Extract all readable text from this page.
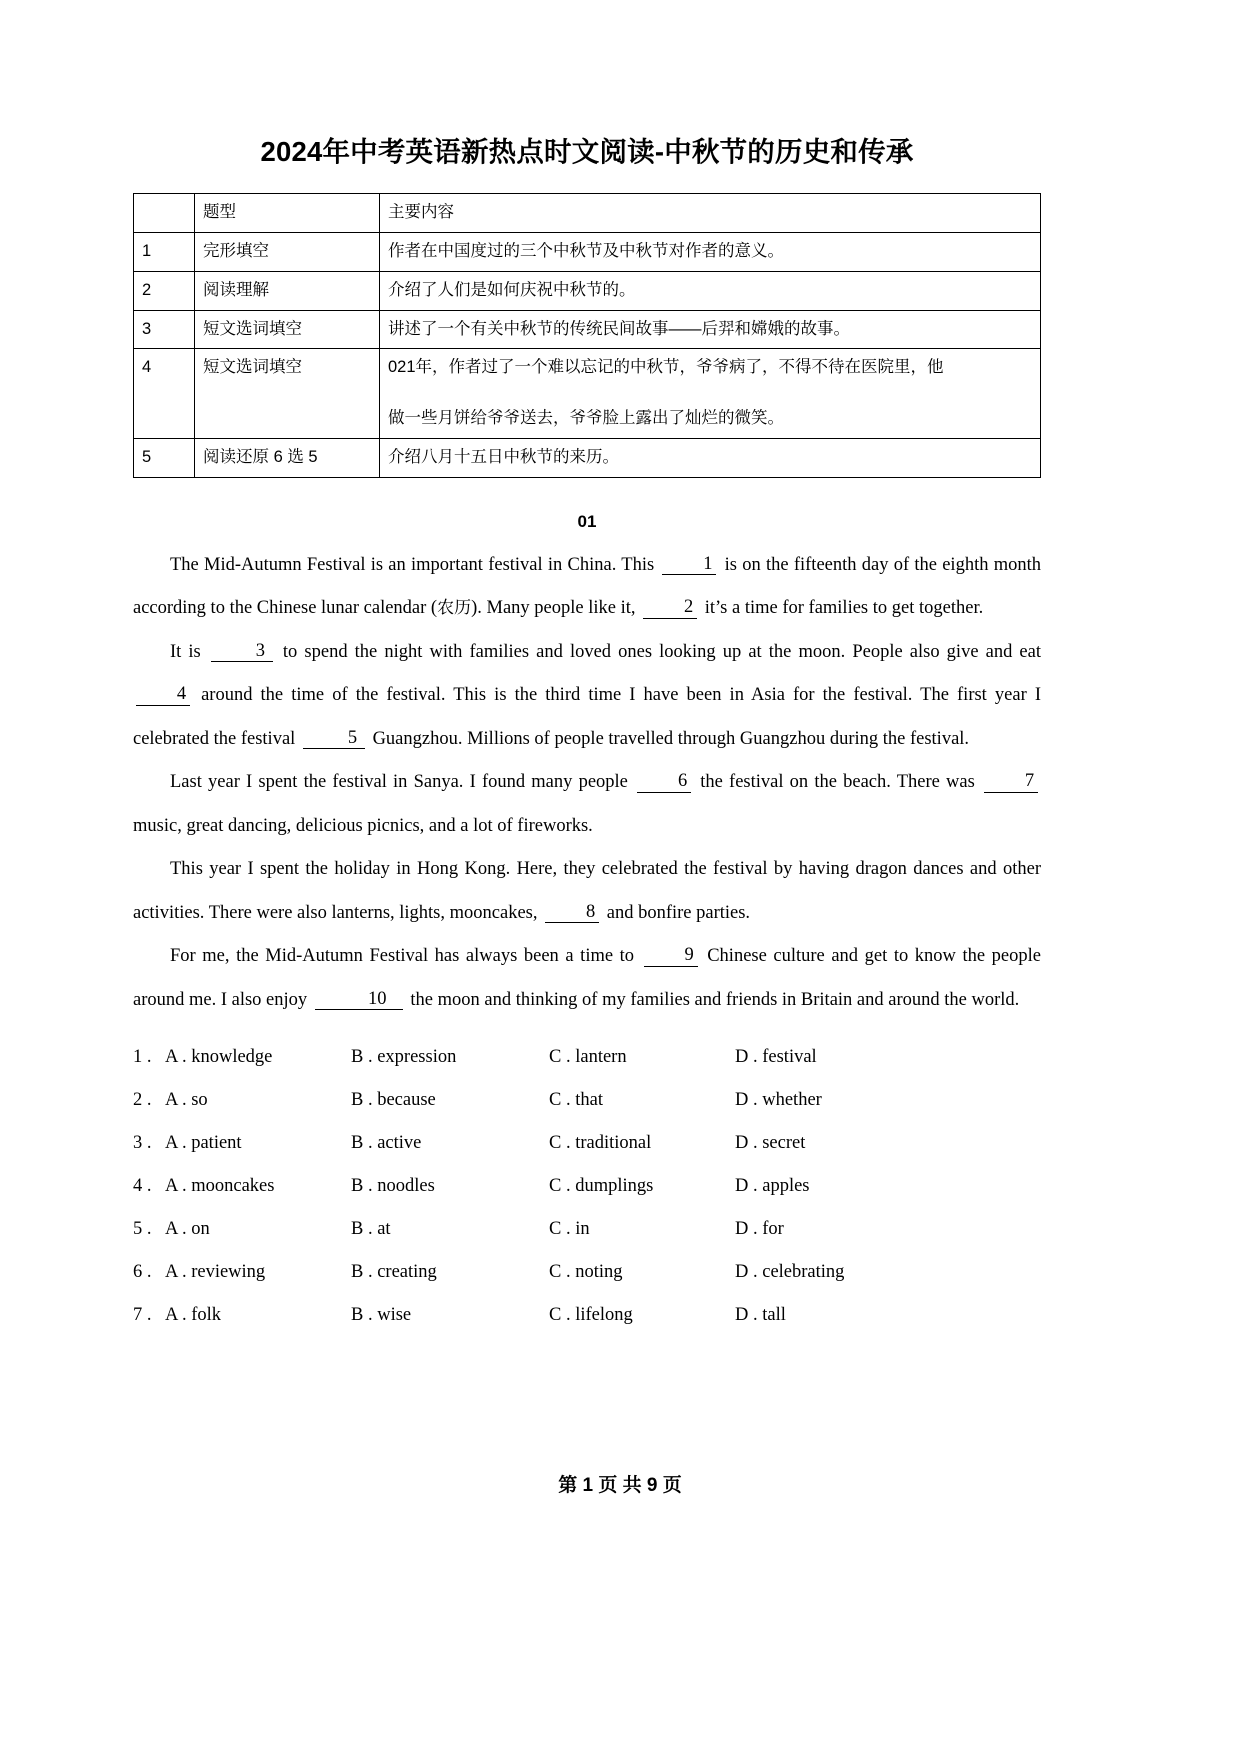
2024年中考英语新热点时文阅读-中秋节的历史和传承
	题型	主要内容
1	完形填空	作者在中国度过的三个中秋节及中秋节对作者的意义。

2	阅读理解	介绍了人们是如何庆祝中秋节的。

3	短文选词填空	讲述了一个有关中秋节的传统民间故事——后羿和嫦娥的故事。

4	短文选词填空	021年，作者过了一个难以忘记的中秋节，爷爷病了，不得不待在医院里，他

做一些月饼给爷爷送去，爷爷脸上露出了灿烂的微笑。

5	阅读还原 6 选 5	介绍八月十五日中秋节的来历。

01

The Mid-Autumn Festival is an important festival in China. This 1 is on the fifteenth day of the eighth month according to the Chinese lunar calendar (农历). Many people like it, 2 it’s a time for families to get together.

It is	3 to spend the night with families and loved ones looking up at the moon. People also give and eat 4 around the time of the festival. This is the third time I have been in Asia for the festival. The first year I celebrated the festival	5 Guangzhou. Millions of people travelled through Guangzhou during the festival.

Last year I spent the festival in Sanya. I found many people 6 the festival on the beach. There was 7 music, great dancing, delicious picnics, and a lot of fireworks.

This year I spent the holiday in Hong Kong. Here, they celebrated the festival by having dragon dances and other activities. There were also lanterns, lights, mooncakes, 8 and bonfire parties.

For me, the Mid-Autumn Festival has always been a time to 9 Chinese culture and get to know the people around me. I also enjoy	10 the moon and thinking of my families and friends in Britain and around the world.

1 . A . knowledge	B . expression	C . lantern	D . festival
2 . A . so	B . because	C . that	D . whether
3 . A . patient	B . active	C . traditional	D . secret
4 . A . mooncakes	B . noodles	C . dumplings	D . apples
5 . A . on	B . at	C . in	D . for
6 . A . reviewing	B . creating	C . noting	D . celebrating
7 . A . folk	B . wise	C . lifelong	D . tall
第 1 页 共 9 页
